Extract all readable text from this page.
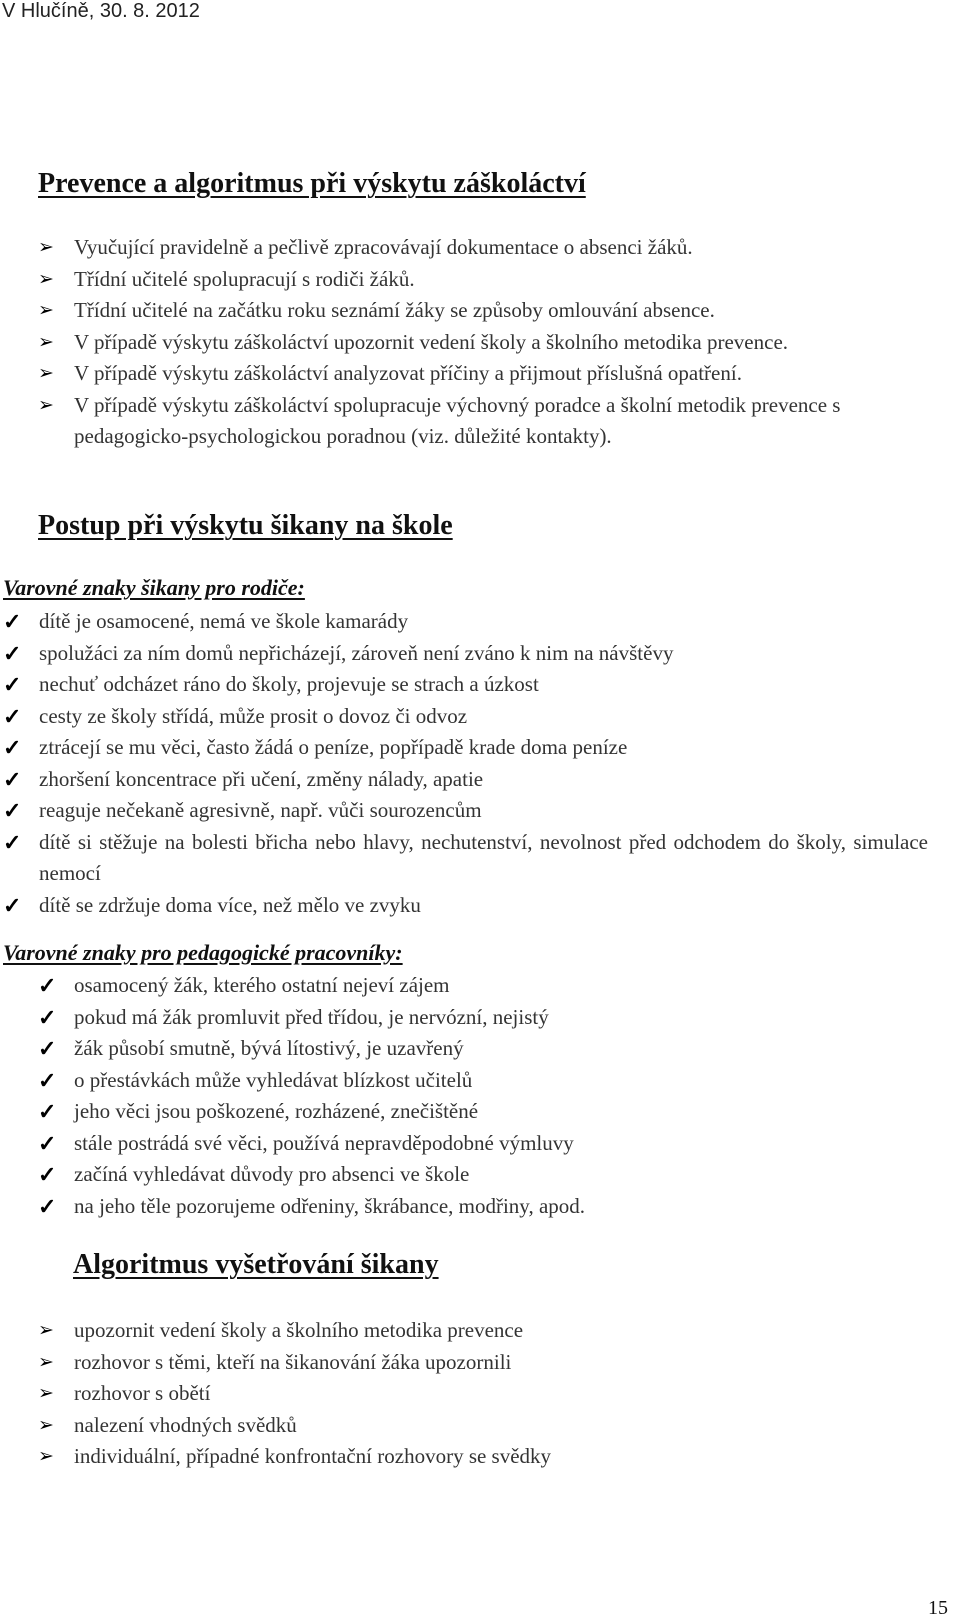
V Hlučíně, 30. 8. 2012
Prevence a algoritmus při výskytu záškoláctví
➢ Vyučující pravidelně a pečlivě zpracovávají dokumentace o absenci žáků.
➢ Třídní učitelé spolupracují s rodiči žáků.
➢ Třídní učitelé na začátku roku seznámí žáky se způsoby omlouvání absence.
➢ V případě výskytu záškoláctví upozornit vedení školy a školního metodika prevence.
➢ V případě výskytu záškoláctví analyzovat příčiny a přijmout příslušná opatření.
➢ V případě výskytu záškoláctví spolupracuje výchovný poradce a školní metodik prevence s pedagogicko-psychologickou poradnou (viz. důležité kontakty).
Postup při výskytu šikany na škole
Varovné znaky šikany pro rodiče:
✓ dítě je osamocené, nemá ve škole kamarády
✓ spolužáci za ním domů nepřicházejí, zároveň není zváno k nim na návštěvy
✓ nechuť odcházet ráno do školy, projevuje se strach a úzkost
✓ cesty ze školy střídá, může prosit o dovoz či odvoz
✓ ztrácejí se mu věci, často žádá o peníze, popřípadě krade doma peníze
✓ zhoršení koncentrace při učení, změny nálady, apatie
✓ reaguje nečekaně agresivně, např. vůči sourozencům
✓ dítě si stěžuje na bolesti břicha nebo hlavy, nechutenství, nevolnost před odchodem do školy, simulace nemocí
✓ dítě se zdržuje doma více, než mělo ve zvyku
Varovné znaky pro pedagogické pracovníky:
✓ osamocený žák, kterého ostatní nejeví zájem
✓ pokud má žák promluvit před třídou, je nervózní, nejistý
✓ žák působí smutně, bývá lítostivý, je uzavřený
✓ o přestávkách může vyhledávat blízkost učitelů
✓ jeho věci jsou poškozené, rozházené, znečištěné
✓ stále postrádá své věci, používá nepravděpodobné výmluvy
✓ začíná vyhledávat důvody pro absenci ve škole
✓ na jeho těle pozorujeme odřeniny, škrábance, modřiny, apod.
Algoritmus vyšetřování šikany
➢ upozornit vedení školy a školního metodika prevence
➢ rozhovor s těmi, kteří na šikanování žáka upozornili
➢ rozhovor s obětí
➢ nalezení vhodných svědků
➢ individuální, případné konfrontační rozhovory se svědky
15
